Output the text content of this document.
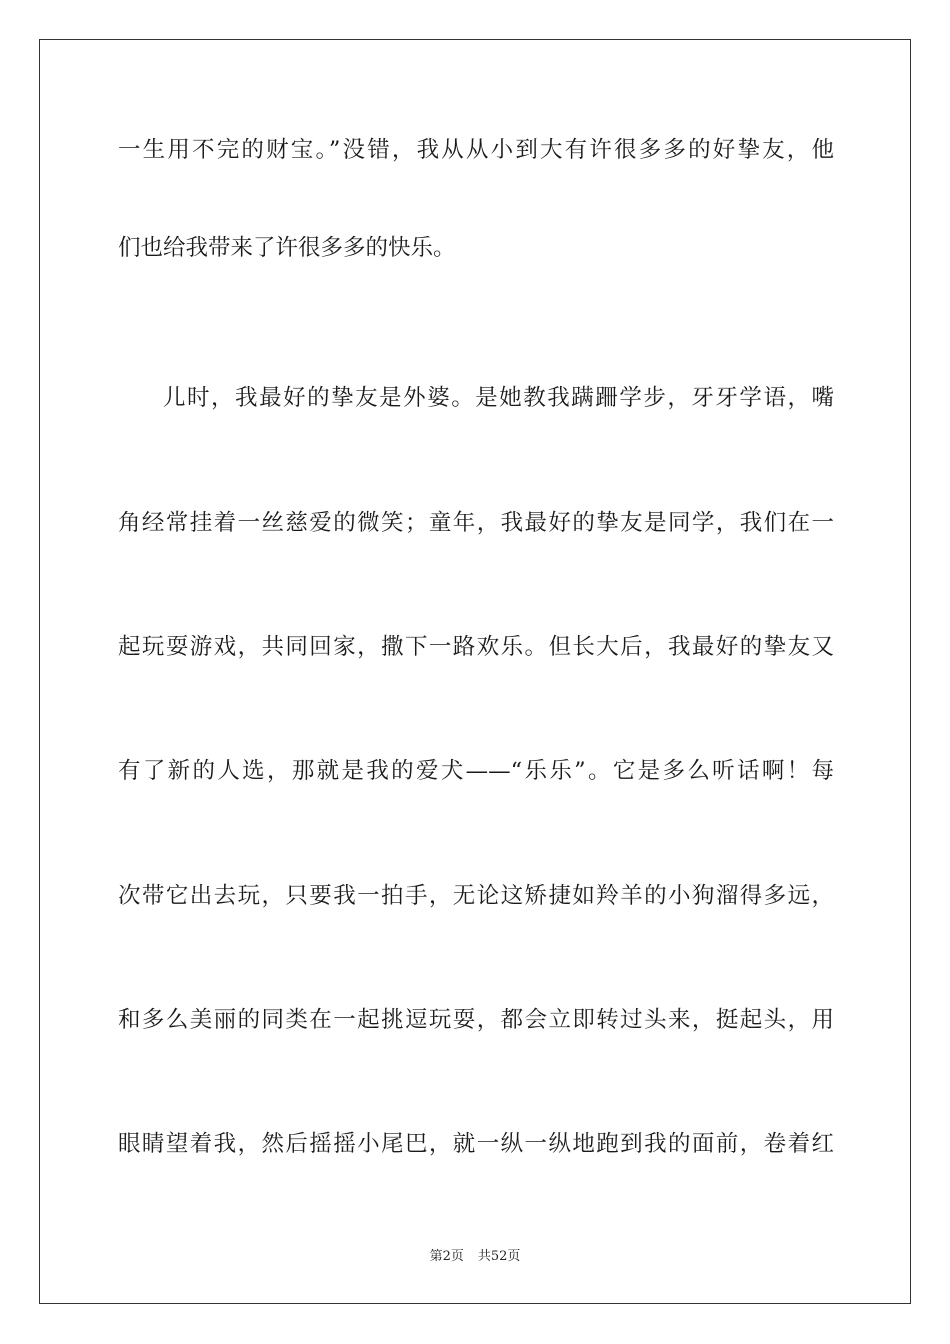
一生用不完的财宝。”没错，我从从小到大有许很多多的好挚友，他
们也给我带来了许很多多的快乐。
儿时，我最好的挚友是外婆。是她教我蹒跚学步，牙牙学语，嘴
角经常挂着一丝慈爱的微笑；童年，我最好的挚友是同学，我们在一
起玩耍游戏，共同回家，撒下一路欢乐。但长大后，我最好的挚友又
有了新的人选，那就是我的爱犬——“乐乐”。它是多么听话啊！每
次带它出去玩，只要我一拍手，无论这矫捷如羚羊的小狗溜得多远，
和多么美丽的同类在一起挑逗玩耍，都会立即转过头来，挺起头，用
眼睛望着我，然后摇摇小尾巴，就一纵一纵地跑到我的面前，卷着红
第2页 共52页
